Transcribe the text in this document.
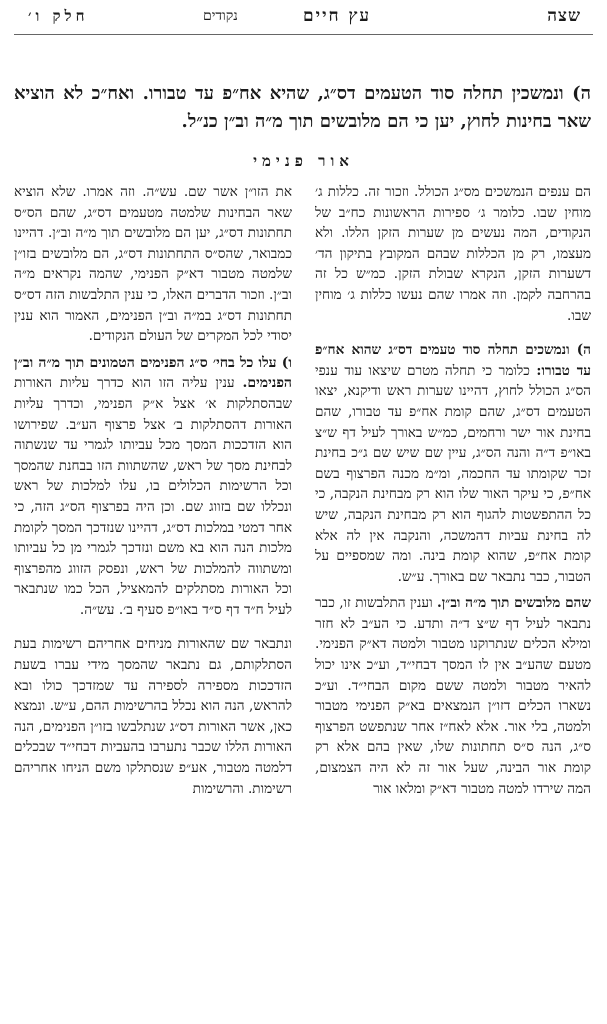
שצה
עץ חיים
נקודים
חלק ו׳
ה) ונמשכין תחלה סוד הטעמים דס״ג, שהיא אח״פ עד טבורו. ואח״כ לא הוציא שאר בחינות לחוץ, יען כי הם מלובשים תוך מ״ה וב״ן כנ״ל.
אור פנימי

הם ענפים הנמשכים מס״ג הכולל. וזכור זה. כללות ג׳ מוחין שבו. כלומר ג׳ ספירות הראשונות כח״ב של הנקודים, המה נעשים מן שערות הזקן הללו. ולא מעצמו, רק מן הכללות שבהם המקובץ בתיקון הד׳ דשערות הזקן, הנקרא שבולת הזקן. כמ״ש כל זה בהרחבה לקמן. וזה אמרו שהם נעשו כללות ג׳ מוחין שבו.

ה) ונמשכים תחלה סוד טעמים דס״ג שהוא אח״פ עד טבורו: כלומר כי תחלה מטרם שיצאו עוד ענפי הס״ג הכולל לחוץ, דהיינו שערות ראש ודיקנא, יצאו הטעמים דס״ג, שהם קומת אח״פ עד טבורו, שהם בחינת אור ישר ורחמים, כמ״ש באורך לעיל דף ש״צ באו״פ ד״ה והנה הס״ג, עיין שם שיש שם ג״כ בחינת זכר שקומתו עד החכמה, ומ״מ מכנה הפרצוף בשם אח״פ, כי עיקר האור שלו הוא רק מבחינת הנקבה, כי כל ההתפשטות להגוף הוא רק מבחינת הנקבה, שיש לה בחינת עביות דהמשכה, והנקבה אין לה אלא קומת אח״פ, שהוא קומת בינה. ומה שמספיים על הטבור, כבר נתבאר שם באורך. ע״ש.

שהם מלובשים תוך מ״ה וב״ן. וענין התלבשות זו, כבר נתבאר לעיל דף ש״צ ד״ה ותדע. כי הע״ב לא חזר ומילא הכלים שנתרוקנו מטבור ולמטה דא״ק הפנימי. מטעם שהע״ב אין לו המסך דבחי״ד, וע״כ אינו יכול להאיר מטבור ולמטה ששם מקום הבחי״ד. וע״כ נשארו הכלים דזו״ן הנמצאים בא״ק הפנימי מטבור ולמטה, בלי אור. אלא לאח״ז אחר שנתפשט הפרצוף ס״ג, הנה ס״ס תחתונות שלו, שאין בהם אלא רק קומת אור הבינה, שעל אור זה לא היה הצמצום, המה שירדו למטה מטבור דא״ק ומלאו אור

את הזו״ן אשר שם. עש״ה. וזה אמרו. שלא הוציא שאר הבחינות שלמטה מטעמים דס״ג, שהם הס״ס תחתונות דס״ג, יען הם מלובשים תוך מ״ה וב״ן. דהיינו כמבואר, שהס״ס התחתונות דס״ג, הם מלובשים בזו״ן שלמטה מטבור דא״ק הפנימי, שהמה נקראים מ״ה וב״ן. וזכור הדברים האלו, כי ענין התלבשות הזה דס״ס תחתונות דס״ג במ״ה וב״ן הפנימים, האמור הוא ענין יסודי לכל המקרים של העולם הנקודים.

ו) עלו כל בחי׳ ס״ג הפנימים הטמונים תוך מ״ה וב״ן הפנימים. ענין עליה הזו הוא כדרך עליות האורות שבהסתלקות א׳ אצל א״ק הפנימי, וכדרך עליות האורות דהסתלקות ב׳ אצל פרצוף הע״ב. שפירושו הוא הזדככות המסך מכל עביותו לגמרי עד שנשתוה לבחינת מסך של ראש, שהשתוות הזו בבחנת שהמסך וכל הרשימות הכלולים בו, עלו למלכות של ראש ונכללו שם בזווג שם. וכן היה בפרצוף הס״ג הזה, כי אחר דמטי במלכות דס״ג, דהיינו שנזדכך המסך לקומת מלכות הנה הוא בא משם ונזדכך לגמרי מן כל עביותו ומשתווה להמלכות של ראש, ונפסק הזווג מהפרצוף וכל האורות מסתלקים להמאציל, הכל כמו שנתבאר לעיל ח״ד דף ס״ד באו״פ סעיף ב׳. עש״ה.

ונתבאר שם שהאורות מניחים אחריהם רשימות בעת הסתלקותם, גם נתבאר שהמסך מידי עברו בשעת הזדככות מספירה לספירה עד שמזדכך כולו ובא להראש, הנה הוא נכלל בהרשימות ההם, ע״ש. ונמצא כאן, אשר האורות דס״ג שנתלבשו בזו״ן הפנימים, הנה האורות הללו שכבר נתערבו בהעביות דבחי״ד שבכלים דלמטה מטבור, אע״פ שנסתלקו משם הניחו אחריהם רשימות. והרשימות
